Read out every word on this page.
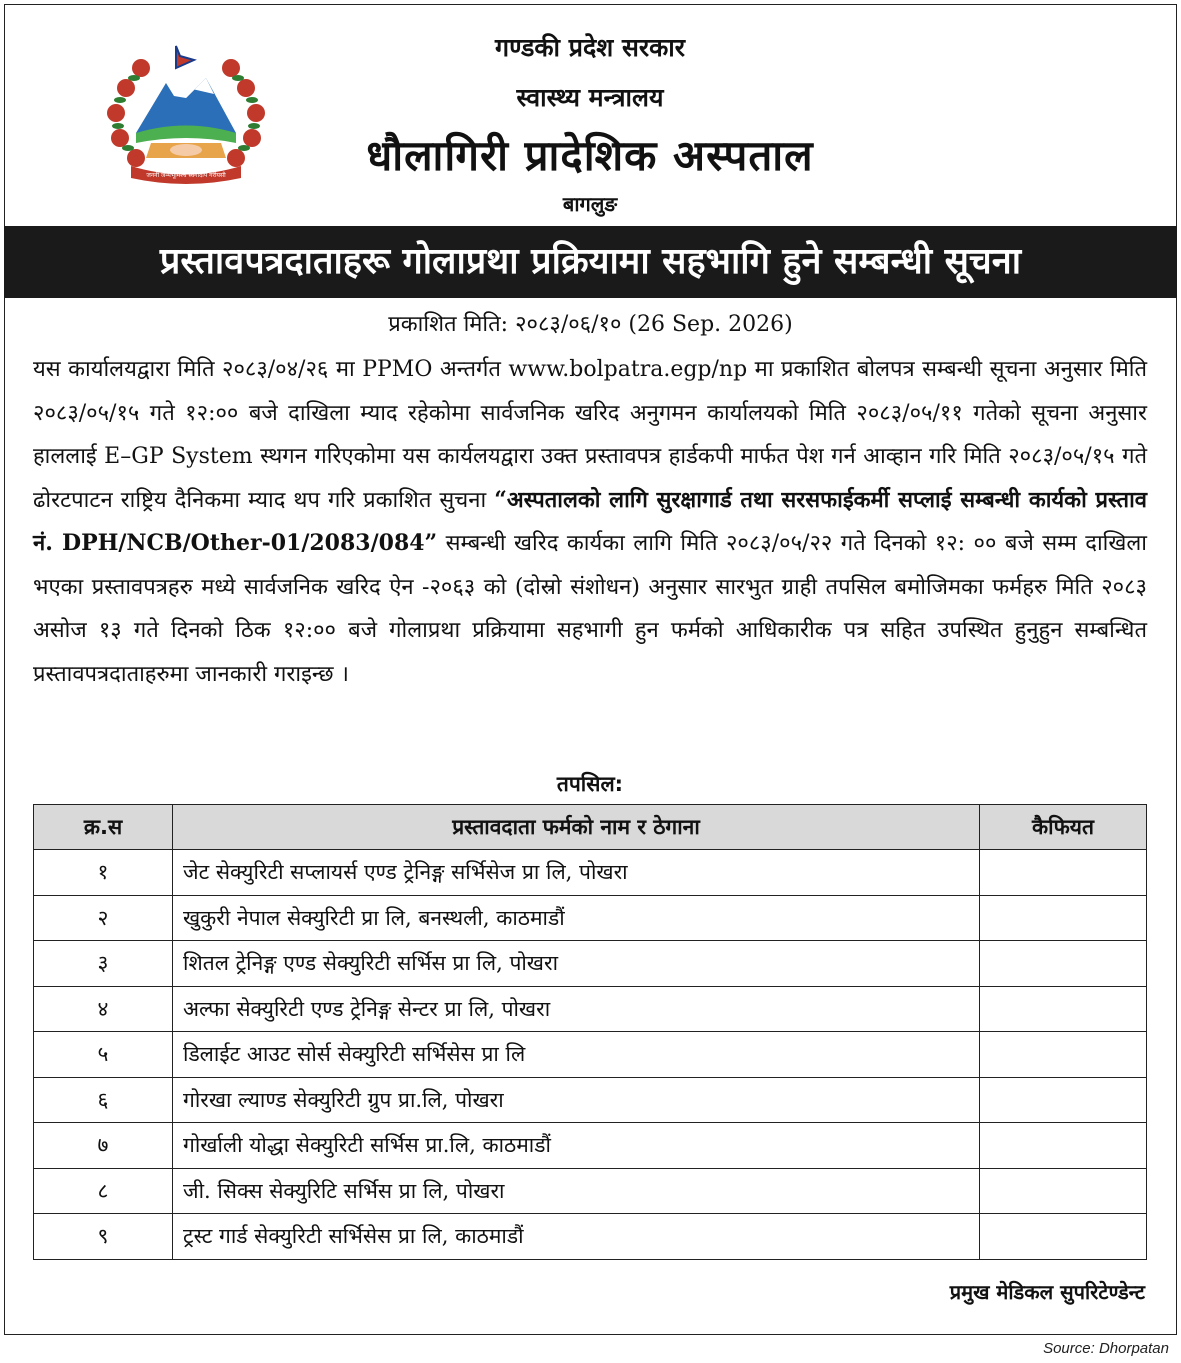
जननी जन्मभूमिश्च स्वर्गादपि गरीयसी
गण्डकी प्रदेश सरकार
स्वास्थ्य मन्त्रालय
धौलागिरी प्रादेशिक अस्पताल
बागलुङ
प्रस्तावपत्रदाताहरू गोलाप्रथा प्रक्रियामा सहभागि हुने सम्बन्धी सूचना
प्रकाशित मिति: २०८३/०६/१० (26 Sep. 2026)
यस कार्यालयद्वारा मिति २०८३/०४/२६ मा PPMO अन्तर्गत www.bolpatra.egp/np मा प्रकाशित बोलपत्र सम्बन्धी सूचना अनुसार मिति २०८३/०५/१५ गते १२:०० बजे दाखिला म्याद रहेकोमा सार्वजनिक खरिद अनुगमन कार्यालयको मिति २०८३/०५/११ गतेको सूचना अनुसार हाललाई E–GP System स्थगन गरिएकोमा यस कार्यलयद्वारा उक्त प्रस्तावपत्र हार्डकपी मार्फत पेश गर्न आव्हान गरि मिति २०८३/०५/१५ गते ढोरटपाटन राष्ट्रिय दैनिकमा म्याद थप गरि प्रकाशित सुचना “अस्पतालको लागि सुरक्षागार्ड तथा सरसफाईकर्मी सप्लाई सम्बन्धी कार्यको प्रस्ताव नं. DPH/NCB/Other-01/2083/084” सम्बन्धी खरिद कार्यका लागि मिति २०८३/०५/२२ गते दिनको १२: ०० बजे सम्म दाखिला भएका प्रस्तावपत्रहरु मध्ये सार्वजनिक खरिद ऐन -२०६३ को (दोस्रो संशोधन) अनुसार सारभुत ग्राही तपसिल बमोजिमका फर्महरु मिति २०८३ असोज १३ गते दिनको ठिक १२:०० बजे गोलाप्रथा प्रक्रियामा सहभागी हुन फर्मको आधिकारीक पत्र सहित उपस्थित हुनुहुन सम्बन्धित प्रस्तावपत्रदाताहरुमा जानकारी गराइन्छ ।
तपसिल:
क्र.स	प्रस्तावदाता फर्मको नाम र ठेगाना	कैफियत
१	जेट सेक्युरिटी सप्लायर्स एण्ड ट्रेनिङ्ग सर्भिसेज प्रा लि, पोखरा	
२	खुकुरी नेपाल सेक्युरिटी प्रा लि, बनस्थली, काठमाडौं	
३	शितल ट्रेनिङ्ग एण्ड सेक्युरिटी सर्भिस प्रा लि, पोखरा	
४	अल्फा सेक्युरिटी एण्ड ट्रेनिङ्ग सेन्टर प्रा लि, पोखरा	
५	डिलाईट आउट सोर्स सेक्युरिटी सर्भिसेस प्रा लि	
६	गोरखा ल्याण्ड सेक्युरिटी ग्रुप प्रा.लि, पोखरा	
७	गोर्खाली योद्धा सेक्युरिटी सर्भिस प्रा.लि, काठमाडौं	
८	जी. सिक्स सेक्युरिटि सर्भिस प्रा लि, पोखरा	
९	ट्रस्ट गार्ड सेक्युरिटी सर्भिसेस प्रा लि, काठमाडौं	
प्रमुख मेडिकल सुपरिटेण्डेन्ट
Source: Dhorpatan
